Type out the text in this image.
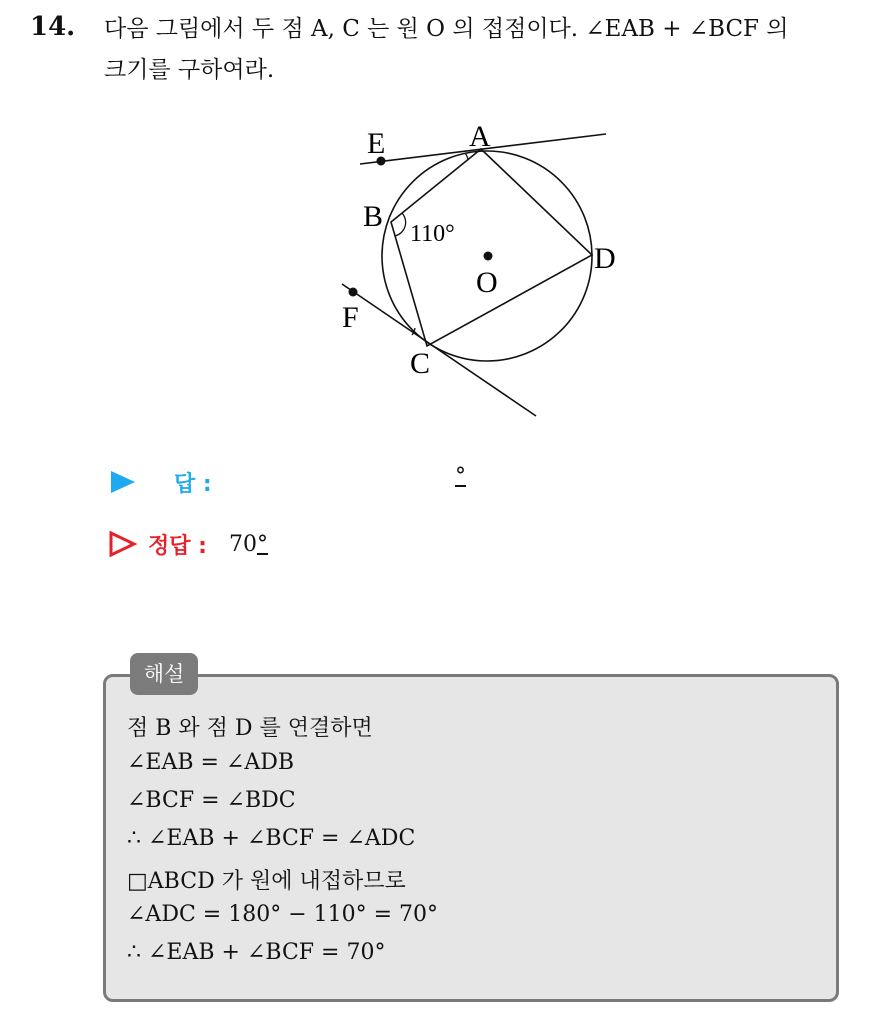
14. 다음 그림에서 두 점 A, C 는 원 O 의 접점이다. ∠EAB + ∠BCF 의
크기를 구하여라.
E	A
B
110°
D
O
F
C
답 :	°
정답 : 70°
해설
점 B 와 점 D 를 연결하면
∠EAB = ∠ADB
∠BCF = ∠BDC
∴ ∠EAB + ∠BCF = ∠ADC
□ABCD 가 원에 내접하므로
∠ADC = 180° − 110° = 70°
∴ ∠EAB + ∠BCF = 70°
